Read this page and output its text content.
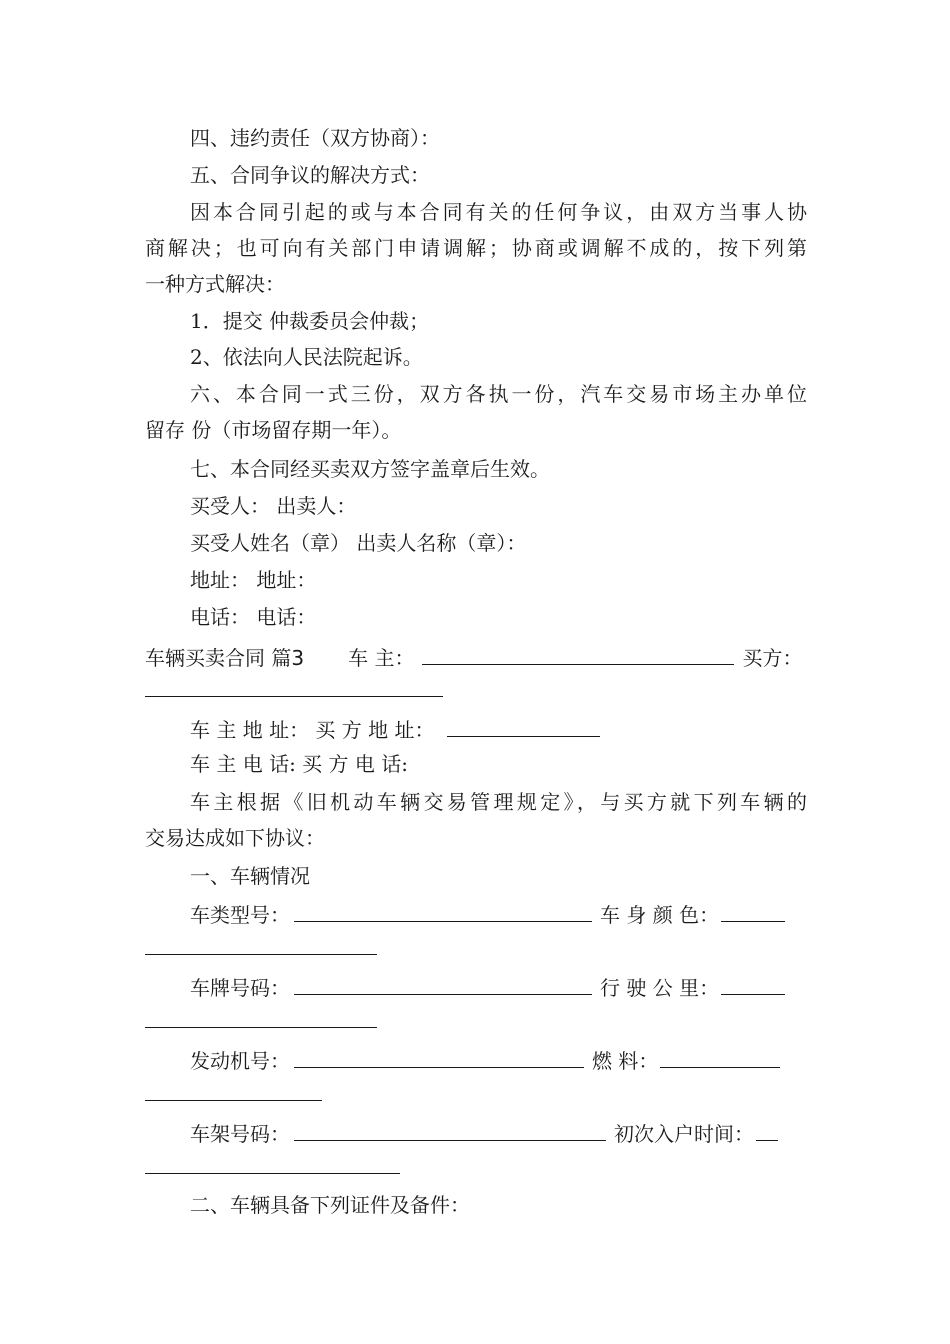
四、违约责任（双方协商）：
五、合同争议的解决方式：
因本合同引起的或与本合同有关的任何争议，由双方当事人协
商解决；也可向有关部门申请调解；协商或调解不成的，按下列第
一种方式解决：
1．提交 仲裁委员会仲裁；
2、依法向人民法院起诉。
六、本合同一式三份，双方各执一份，汽车交易市场主办单位
留存 份（市场留存期一年）。
七、本合同经买卖双方签字盖章后生效。
买受人： 出卖人：
买受人姓名（章） 出卖人名称（章）：
地址： 地址：
电话： 电话：
车辆买卖合同 篇3 车 主：	买方：
车 主 地 址： 买 方 地 址：
车 主 电 话: 买 方 电 话:
车主根据《旧机动车辆交易管理规定》，与买方就下列车辆的
交易达成如下协议：
一、车辆情况
车类型号：	车 身 颜 色：
车牌号码：	行 驶 公 里：
发动机号：	燃 料：
车架号码：	初次入户时间：
二、车辆具备下列证件及备件：
